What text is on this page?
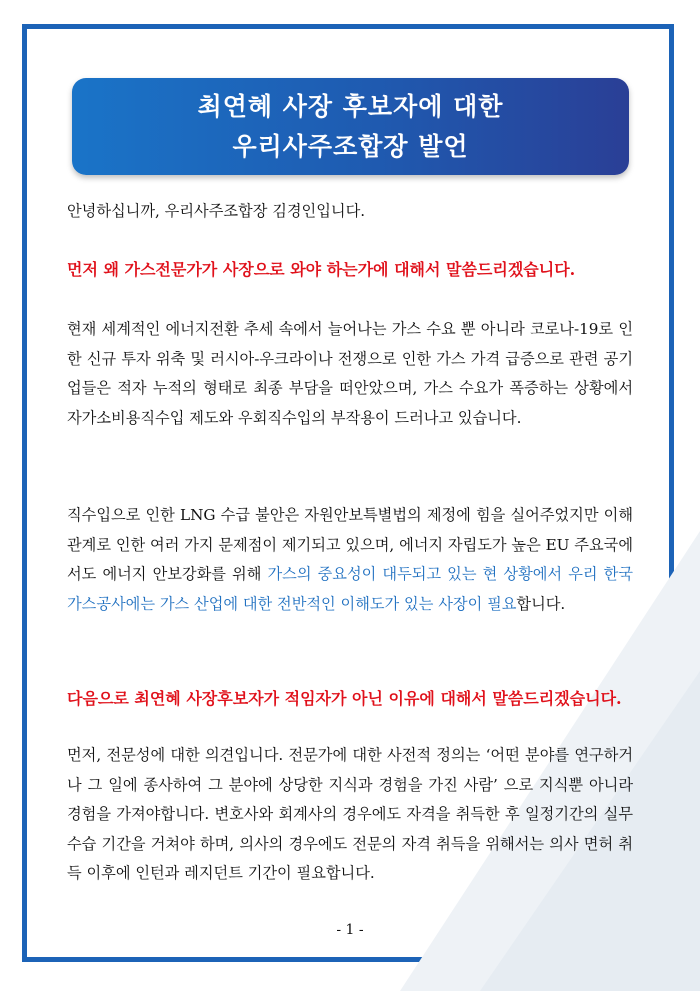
최연혜 사장 후보자에 대한
우리사주조합장 발언
안녕하십니까, 우리사주조합장 김경인입니다.
먼저 왜 가스전문가가 사장으로 와야 하는가에 대해서 말씀드리겠습니다.
현재 세계적인 에너지전환 추세 속에서 늘어나는 가스 수요 뿐 아니라 코로나-19로 인한 신규 투자 위축 및 러시아-우크라이나 전쟁으로 인한 가스 가격 급증으로 관련 공기업들은 적자 누적의 형태로 최종 부담을 떠안았으며, 가스 수요가 폭증하는 상황에서 자가소비용직수입 제도와 우회직수입의 부작용이 드러나고 있습니다.
직수입으로 인한 LNG 수급 불안은 자원안보특별법의 제정에 힘을 실어주었지만 이해관계로 인한 여러 가지 문제점이 제기되고 있으며, 에너지 자립도가 높은 EU 주요국에서도 에너지 안보강화를 위해 가스의 중요성이 대두되고 있는 현 상황에서 우리 한국가스공사에는 가스 산업에 대한 전반적인 이해도가 있는 사장이 필요합니다.
다음으로 최연혜 사장후보자가 적임자가 아닌 이유에 대해서 말씀드리겠습니다.
먼저, 전문성에 대한 의견입니다. 전문가에 대한 사전적 정의는 ‘어떤 분야를 연구하거나 그 일에 종사하여 그 분야에 상당한 지식과 경험을 가진 사람’ 으로 지식뿐 아니라 경험을 가져야합니다. 변호사와 회계사의 경우에도 자격을 취득한 후 일정기간의 실무수습 기간을 거쳐야 하며, 의사의 경우에도 전문의 자격 취득을 위해서는 의사 면허 취득 이후에 인턴과 레지던트 기간이 필요합니다.
- 1 -
